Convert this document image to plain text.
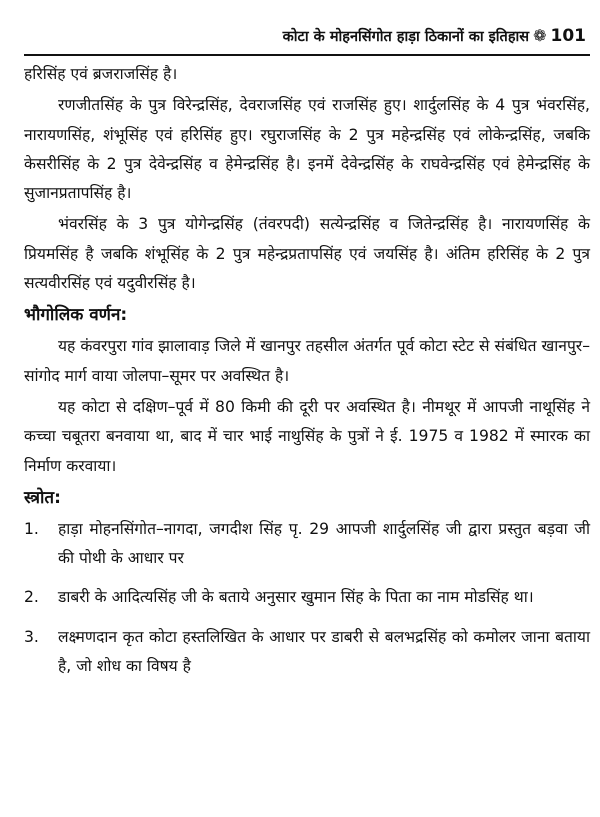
कोटा के मोहनसिंगोत हाड़ा ठिकानों का इतिहास ❁ 101

हरिसिंह एवं ब्रजराजसिंह है।

रणजीतसिंह के पुत्र विरेन्द्रसिंह, देवराजसिंह एवं राजसिंह हुए। शार्दुलसिंह के 4 पुत्र भंवरसिंह, नारायणसिंह, शंभूसिंह एवं हरिसिंह हुए। रघुराजसिंह के 2 पुत्र महेन्द्रसिंह एवं लोकेन्द्रसिंह, जबकि केसरीसिंह के 2 पुत्र देवेन्द्रसिंह व हेमेन्द्रसिंह है। इनमें देवेन्द्रसिंह के राघवेन्द्रसिंह एवं हेमेन्द्रसिंह के सुजानप्रतापसिंह है।

भंवरसिंह के 3 पुत्र योगेन्द्रसिंह (तंवरपदी) सत्येन्द्रसिंह व जितेन्द्रसिंह है। नारायणसिंह के प्रियमसिंह है जबकि शंभूसिंह के 2 पुत्र महेन्द्रप्रतापसिंह एवं जयसिंह है। अंतिम हरिसिंह के 2 पुत्र सत्यवीरसिंह एवं यदुवीरसिंह है।

भौगोलिक वर्णन:

यह कंवरपुरा गांव झालावाड़ जिले में खानपुर तहसील अंतर्गत पूर्व कोटा स्टेट से संबंधित खानपुर–सांगोद मार्ग वाया जोलपा–सूमर पर अवस्थित है।

यह कोटा से दक्षिण–पूर्व में 80 किमी की दूरी पर अवस्थित है। नीमथूर में आपजी नाथूसिंह ने कच्चा चबूतरा बनवाया था, बाद में चार भाई नाथुसिंह के पुत्रों ने ई. 1975 व 1982 में स्मारक का निर्माण करवाया।

स्त्रोत:
1.	हाड़ा मोहनसिंगोत–नागदा, जगदीश सिंह पृ. 29 आपजी शार्दुलसिंह जी द्वारा प्रस्तुत बड़वा जी की पोथी के आधार पर
2.	डाबरी के आदित्यसिंह जी के बताये अनुसार खुमान सिंह के पिता का नाम मोडसिंह था।
3.	लक्ष्मणदान कृत कोटा हस्तलिखित के आधार पर डाबरी से बलभद्रसिंह को कमोलर जाना बताया है, जो शोध का विषय है
